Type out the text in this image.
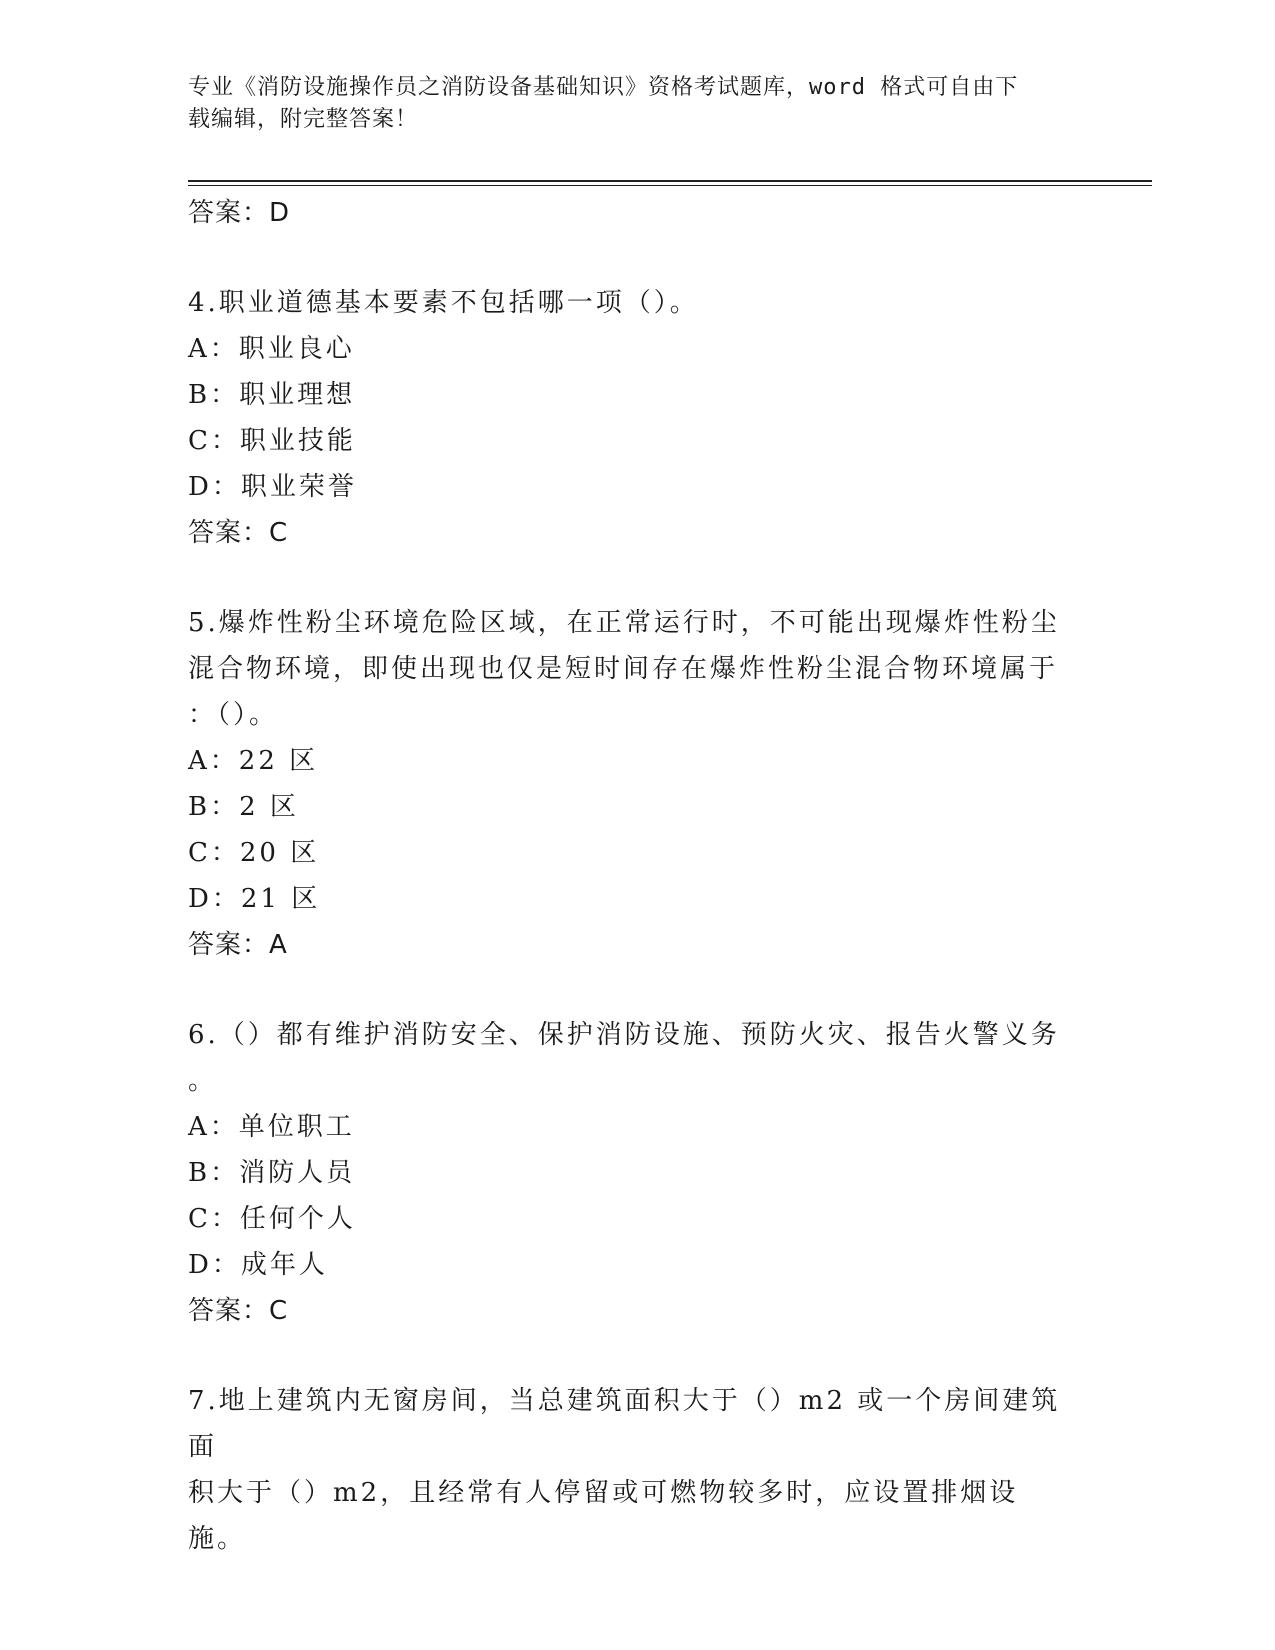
专业《消防设施操作员之消防设备基础知识》资格考试题库，word 格式可自由下
载编辑，附完整答案！
答案：D
4.职业道德基本要素不包括哪一项（）。
A：职业良心
B：职业理想
C：职业技能
D：职业荣誉
答案：C
5.爆炸性粉尘环境危险区域，在正常运行时，不可能出现爆炸性粉尘
混合物环境，即使出现也仅是短时间存在爆炸性粉尘混合物环境属于
：（）。
A：22 区
B：2 区
C：20 区
D：21 区
答案：A
6.（）都有维护消防安全、保护消防设施、预防火灾、报告火警义务
。
A：单位职工
B：消防人员
C：任何个人
D：成年人
答案：C
7.地上建筑内无窗房间，当总建筑面积大于（）m2 或一个房间建筑面
积大于（）m2，且经常有人停留或可燃物较多时，应设置排烟设施。
